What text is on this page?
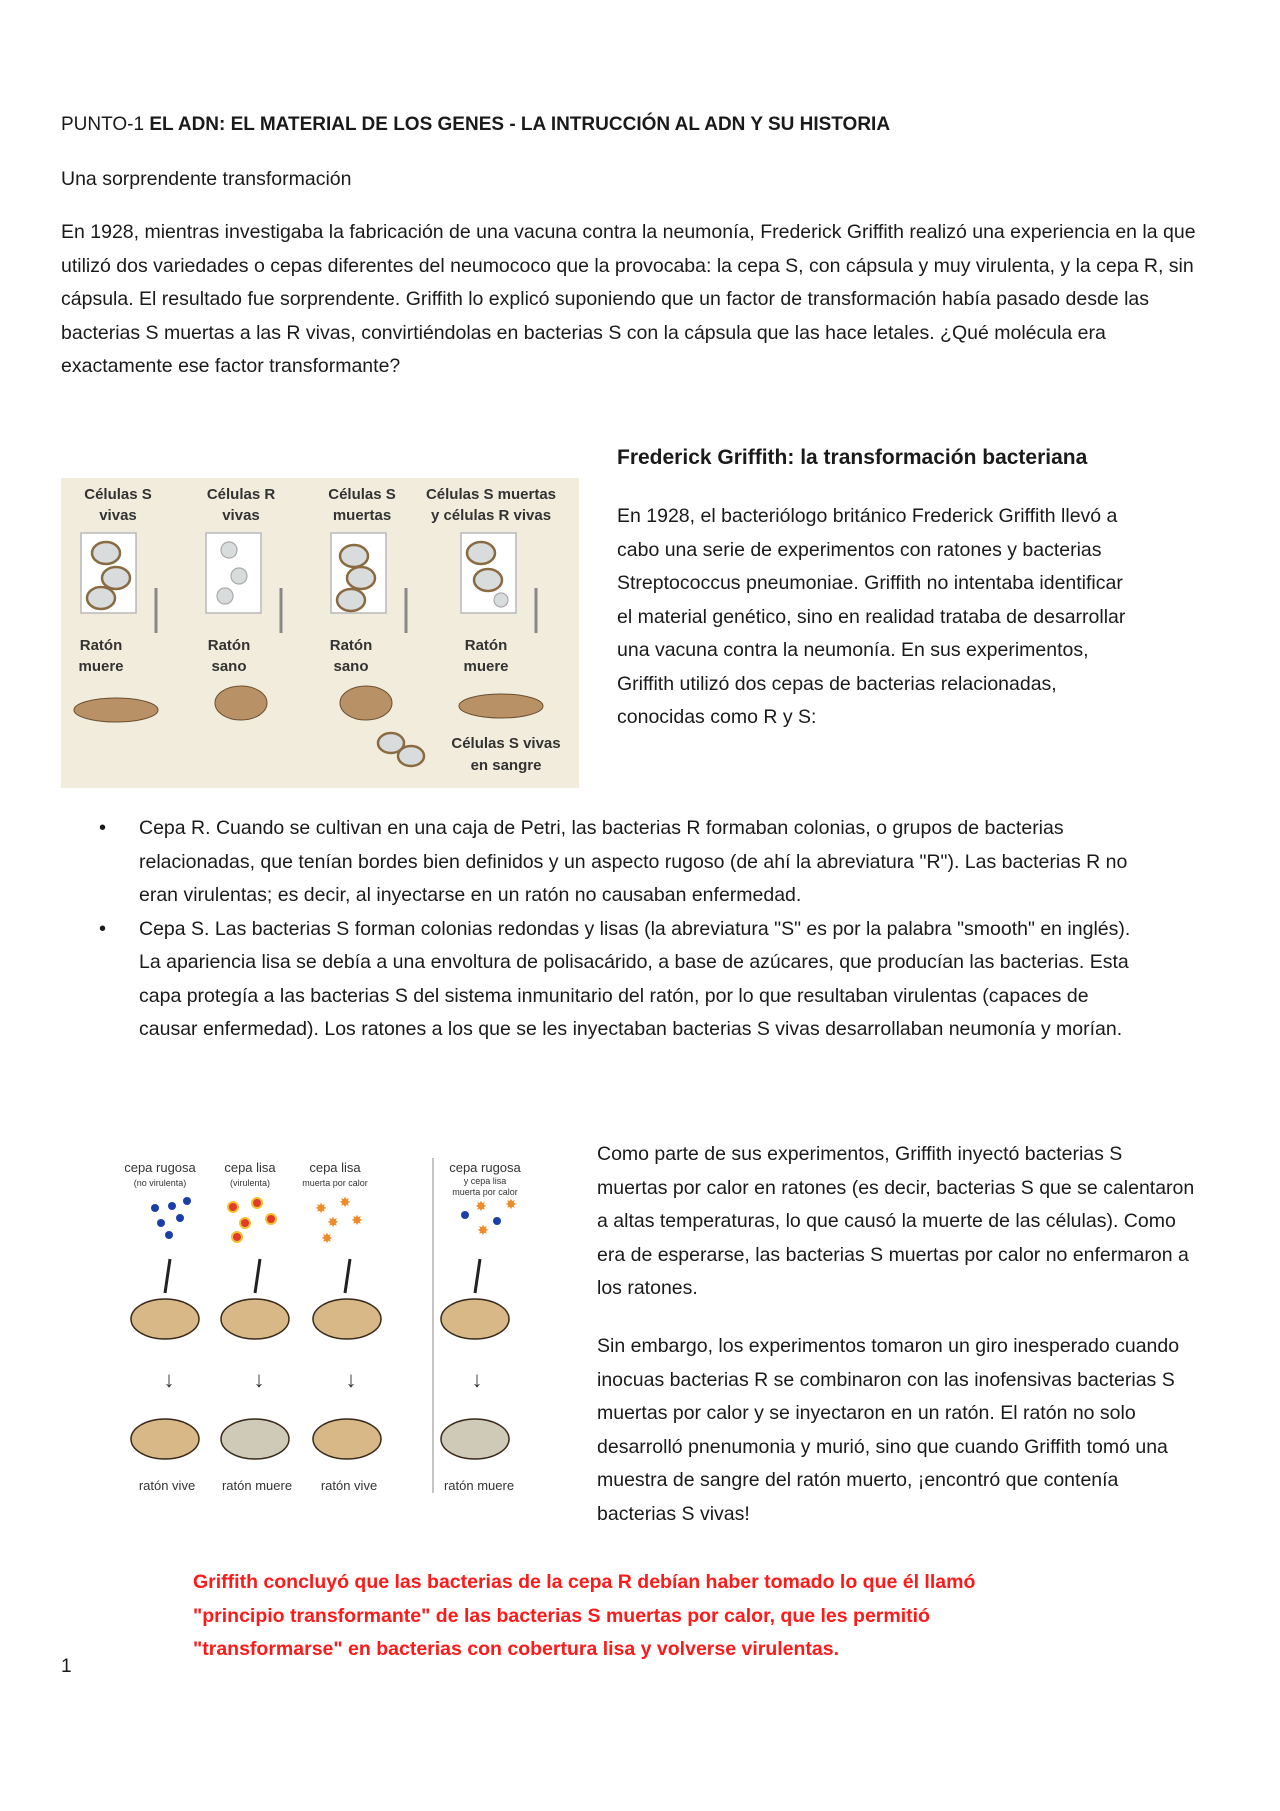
PUNTO-1 EL ADN: EL MATERIAL DE LOS GENES - LA INTRUCCIÓN AL ADN Y SU HISTORIA

Una sorprendente transformación

En 1928, mientras investigaba la fabricación de una vacuna contra la neumonía, Frederick Griffith realizó una experiencia en la que utilizó dos variedades o cepas diferentes del neumococo que la provocaba: la cepa S, con cápsula y muy virulenta, y la cepa R, sin cápsula. El resultado fue sorprendente. Griffith lo explicó suponiendo que un factor de transformación había pasado desde las bacterias S muertas a las R vivas, convirtiéndolas en bacterias S con la cápsula que las hace letales. ¿Qué molécula era exactamente ese factor transformante?

Células S
vivas
Células R
vivas
Células S
muertas
Células S muertas
y células R vivas
Ratón
muere
Ratón
sano
Ratón
sano
Ratón
muere
Células S vivas
en sangre

Frederick Griffith: la transformación bacteriana

En 1928, el bacteriólogo británico Frederick Griffith llevó a cabo una serie de experimentos con ratones y bacterias Streptococcus pneumoniae. Griffith no intentaba identificar el material genético, sino en realidad trataba de desarrollar una vacuna contra la neumonía. En sus experimentos, Griffith utilizó dos cepas de bacterias relacionadas, conocidas como R y S:

• Cepa R. Cuando se cultivan en una caja de Petri, las bacterias R formaban colonias, o grupos de bacterias relacionadas, que tenían bordes bien definidos y un aspecto rugoso (de ahí la abreviatura "R"). Las bacterias R no eran virulentas; es decir, al inyectarse en un ratón no causaban enfermedad.
• Cepa S. Las bacterias S forman colonias redondas y lisas (la abreviatura "S" es por la palabra "smooth" en inglés). La apariencia lisa se debía a una envoltura de polisacárido, a base de azúcares, que producían las bacterias. Esta capa protegía a las bacterias S del sistema inmunitario del ratón, por lo que resultaban virulentas (capaces de causar enfermedad). Los ratones a los que se les inyectaban bacterias S vivas desarrollaban neumonía y morían.
cepa rugosa cepa lisa	cepa lisa	cepa rugosa
(no virulenta)	(virulenta)	muerta por calor	y cepa lisa
muerta por calor
✸ ✸
✸ ✸
✸
✸ ✸
✸
↓	↓	↓	↓
ratón vive ratón muere ratón vive	ratón muere

Como parte de sus experimentos, Griffith inyectó bacterias S muertas por calor en ratones (es decir, bacterias S que se calentaron a altas temperaturas, lo que causó la muerte de las células). Como era de esperarse, las bacterias S muertas por calor no enfermaron a los ratones.

Sin embargo, los experimentos tomaron un giro inesperado cuando inocuas bacterias R se combinaron con las inofensivas bacterias S muertas por calor y se inyectaron en un ratón. El ratón no solo desarrolló pnenumonia y murió, sino que cuando Griffith tomó una muestra de sangre del ratón muerto, ¡encontró que contenía bacterias S vivas!

Griffith concluyó que las bacterias de la cepa R debían haber tomado lo que él llamó "principio transformante" de las bacterias S muertas por calor, que les permitió "transformarse" en bacterias con cobertura lisa y volverse virulentas.

1
